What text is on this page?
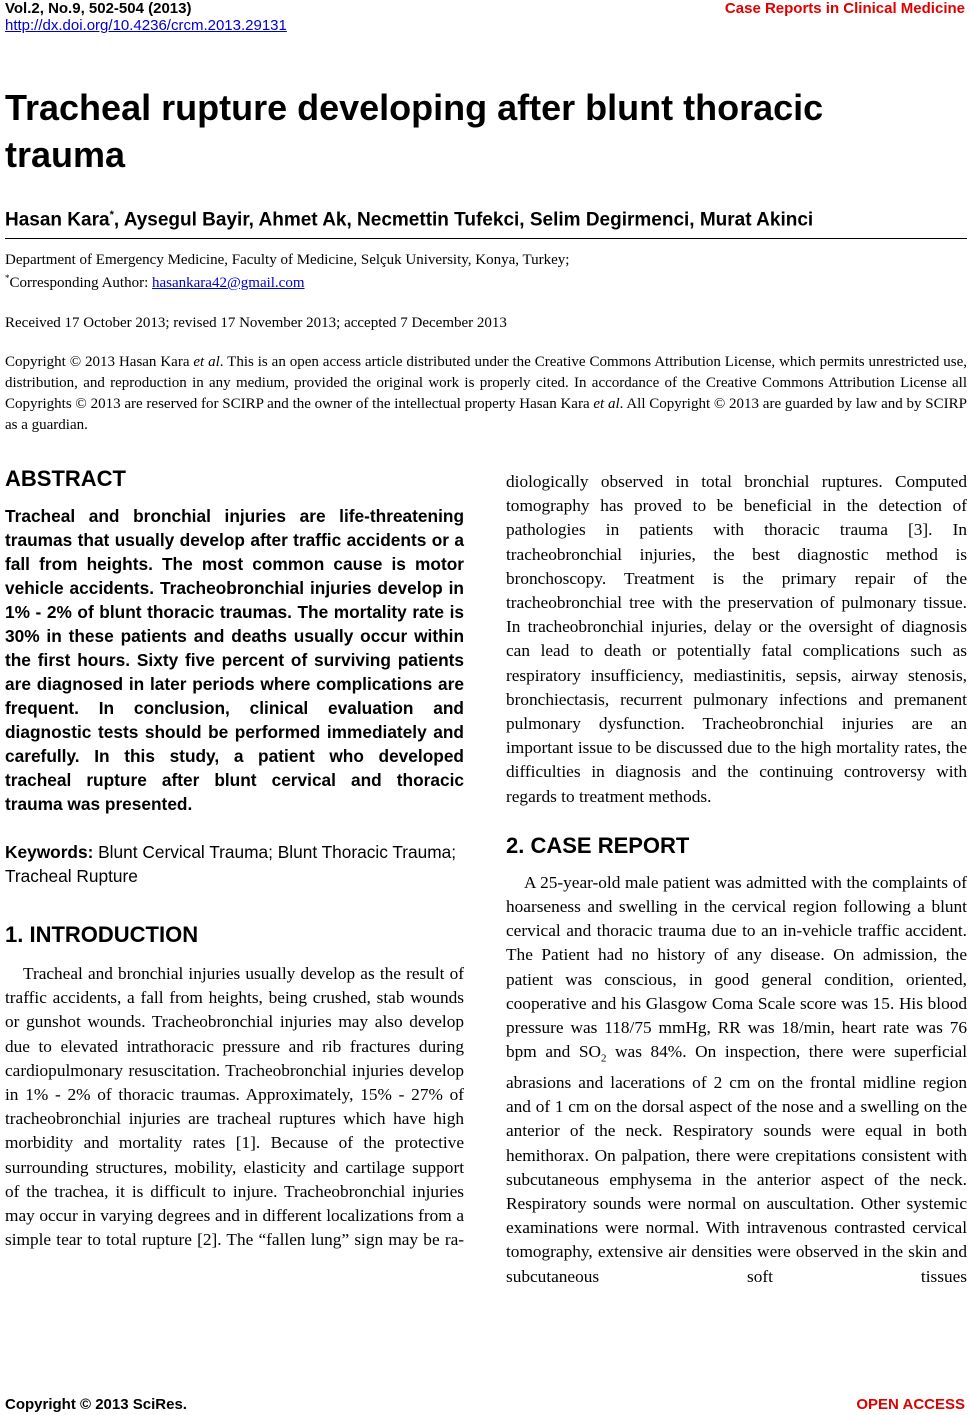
Vol.2, No.9, 502-504 (2013)
http://dx.doi.org/10.4236/crcm.2013.29131
Case Reports in Clinical Medicine
Tracheal rupture developing after blunt thoracic trauma
Hasan Kara*, Aysegul Bayir, Ahmet Ak, Necmettin Tufekci, Selim Degirmenci, Murat Akinci
Department of Emergency Medicine, Faculty of Medicine, Selçuk University, Konya, Turkey;
*Corresponding Author: hasankara42@gmail.com
Received 17 October 2013; revised 17 November 2013; accepted 7 December 2013

Copyright © 2013 Hasan Kara et al. This is an open access article distributed under the Creative Commons Attribution License, which permits unrestricted use, distribution, and reproduction in any medium, provided the original work is properly cited. In accordance of the Creative Commons Attribution License all Copyrights © 2013 are reserved for SCIRP and the owner of the intellectual property Hasan Kara et al. All Copyright © 2013 are guarded by law and by SCIRP as a guardian.

ABSTRACT

Tracheal and bronchial injuries are life-threatening traumas that usually develop after traffic accidents or a fall from heights. The most common cause is motor vehicle accidents. Tracheobronchial injuries develop in 1% - 2% of blunt thoracic traumas. The mortality rate is 30% in these patients and deaths usually occur within the first hours. Sixty five percent of surviving patients are diagnosed in later periods where complications are frequent. In conclusion, clinical evaluation and diagnostic tests should be performed immediately and carefully. In this study, a patient who developed tracheal rupture after blunt cervical and thoracic trauma was presented.

Keywords: Blunt Cervical Trauma; Blunt Thoracic Trauma; Tracheal Rupture

1. INTRODUCTION

Tracheal and bronchial injuries usually develop as the result of traffic accidents, a fall from heights, being crushed, stab wounds or gunshot wounds. Tracheobronchial injuries may also develop due to elevated intrathoracic pressure and rib fractures during cardiopulmonary resuscitation. Tracheobronchial injuries develop in 1% - 2% of thoracic traumas. Approximately, 15% - 27% of tracheobronchial injuries are tracheal ruptures which have high morbidity and mortality rates [1]. Because of the protective surrounding structures, mobility, elasticity and cartilage support of the trachea, it is difficult to injure. Tracheobronchial injuries may occur in varying degrees and in different localizations from a simple tear to total rupture [2]. The “fallen lung” sign may be ra-

diologically observed in total bronchial ruptures. Computed tomography has proved to be beneficial in the detection of pathologies in patients with thoracic trauma [3]. In tracheobronchial injuries, the best diagnostic method is bronchoscopy. Treatment is the primary repair of the tracheobronchial tree with the preservation of pulmonary tissue. In tracheobronchial injuries, delay or the oversight of diagnosis can lead to death or potentially fatal complications such as respiratory insufficiency, mediastinitis, sepsis, airway stenosis, bronchiectasis, recurrent pulmonary infections and premanent pulmonary dysfunction. Tracheobronchial injuries are an important issue to be discussed due to the high mortality rates, the difficulties in diagnosis and the continuing controversy with regards to treatment methods.

2. CASE REPORT

A 25-year-old male patient was admitted with the complaints of hoarseness and swelling in the cervical region following a blunt cervical and thoracic trauma due to an in-vehicle traffic accident. The Patient had no history of any disease. On admission, the patient was conscious, in good general condition, oriented, cooperative and his Glasgow Coma Scale score was 15. His blood pressure was 118/75 mmHg, RR was 18/min, heart rate was 76 bpm and $SO_2$ was 84%. On inspection, there were superficial abrasions and lacerations of 2 cm on the frontal midline region and of 1 cm on the dorsal aspect of the nose and a swelling on the anterior of the neck. Respiratory sounds were equal in both hemithorax. On palpation, there were crepitations consistent with subcutaneous emphysema in the anterior aspect of the neck. Respiratory sounds were normal on auscultation. Other systemic examinations were normal. With intravenous contrasted cervical tomography, extensive air densities were observed in the skin and subcutaneous soft tissues

Copyright © 2013 SciRes.	OPEN ACCESS
